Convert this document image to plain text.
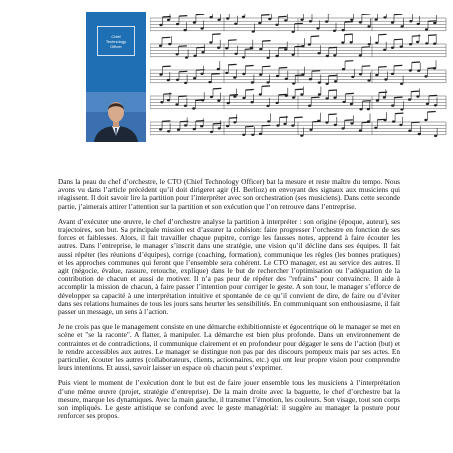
Chief
Technology
Officer

Dans la peau du chef d’orchestre, le CTO (Chief Technology Officer) bat la mesure et reste maître du tempo. Nous avons vu dans l’article précédent qu’il doit dirigeret agir (H. Berlioz) en envoyant des signaux aux musiciens qui réagissent. Il doit savoir lire la partition pour l’interpréter avec son orchestration (ses musiciens). Dans cette seconde partie, j’aimerais attirer l’attention sur la partition et son exécution que l’on retrouve dans l’entreprise.

Avant d’exécuter une œuvre, le chef d’orchestre analyse la partition à interpréter : son origine (époque, auteur), ses trajectoires, son but. Sa principale mission est d’assurer la cohésion: faire progresser l’orchestre en fonction de ses forces et faiblesses. Alors, il fait travailler chaque pupitre, corrige les fausses notes, apprend à faire écouter les autres. Dans l’entreprise, le manager s’inscrit dans une stratégie, une vision qu’il décline dans ses équipes. Il fait aussi répéter (les réunions d’équipes), corrige (coaching, formation), communique les règles (les bonnes pratiques) et les approches communes qui feront que l’ensemble sera cohérent. Le CTO manager, est au service des autres. Il agit (négocie, évalue, rassure, retouche, explique) dans le but de rechercher l’optimisation ou l’adéquation de la contribution de chacun et aussi de motiver. Il n’a pas peur de répéter des "refrains" pour convaincre. Il aide à accomplir la mission de chacun, à faire passer l’intention pour corriger le geste. A son tour, le manager s’efforce de développer sa capacité à une interprétation intuitive et spontanée de ce qu’il convient de dire, de faire ou d’éviter dans ses relations humaines de tous les jours sans heurter les sensibilités. En communiquant son enthousiasme, il fait passer un message, un sens à l’action.

Je ne crois pas que le management consiste en une démarche exhibitionniste et égocentrique où le manager se met en scène et "se la raconte". A flatter, à manipuler. La démarche est bien plus profonde. Dans un environnement de contraintes et de contradictions, il communique clairement et en profondeur pour dégager le sens de l’action (but) et le rendre accessibles aux autres. Le manager se distingue non pas par des discours pompeux mais par ses actes. En particulier, écouter les autres (collaborateurs, clients, actionnaires, etc.) qui ont leur propre vision pour comprendre leurs intentions. Et aussi, savoir laisser un espace où chacun peut s’exprimer.

Puis vient le moment de l’exécution dont le but est de faire jouer ensemble tous les musiciens à l’interprétation d’une même œuvre (projet, stratégie d’entreprise). De la main droite avec la baguette, le chef d’orchestre bat la mesure, marque les dynamiques. Avec la main gauche, il transmet l’émotion, les couleurs. Son visage, tout son corps son impliqués. Le geste artistique se confond avec le geste managérial: il suggère au manager la posture pour renforcer ses propos.
